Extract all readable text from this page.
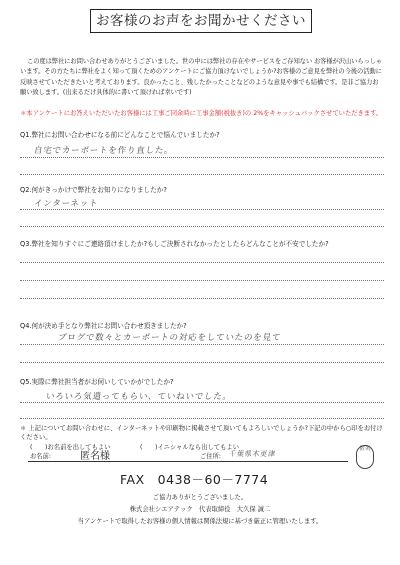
お客様のお声をお聞かせください
この度は弊社にお問い合わせありがとうございました。世の中には弊社の存在やサービスをご存知ない お客様が沢山いらっしゃいます。その方たちに弊社をよく知って頂くためのアンケートにご協力頂けないでしょうか?お客様のご意見を弊社の今後の活動に反映させていただきたいと考えております。良かったこと、残したかったことなどのような意見や事でも結構です。是非ご協力お願い致します。(出来るだけ具体的に書いて頂ければ幸いです)
＊本アンケートにお答えいただいたお客様には工事ご同余時に工事金額(税抜き)の 2%をキャッシュバックさせていただきます。
Q1.弊社にお問い合わせになる前にどんなことで悩んでいましたか?
自宅でカーポートを作り直した。
Q2.何がきっかけで弊社をお知りになりましたか?
インターネット
Q3.弊社を知りすぐにご連絡頂けましたか?もしご決断されなかったとしたらどんなことが不安でしたか?
Q4.何が決め手となり弊社にお問い合わせ頂きましたか?
ブログで数々とカーポートの対応をしていたのを見て
Q5.実際に弊社担当者がお伺いしていかがでしたか?
いろいろ気遣ってもらい、ていねいでした。
＊ 上記についてお問い合わせに、インターネットや印刷物に掲載させて頂いてもよろしいでしょうか?下記の中から○印をお付けください。
(　　)お名前を出してもよい	(　　)イニシャルなら出してもよい
お名前:	匿名様	ご住所: 千葉県木更津
匿名
FAX　0438－60－7774
ご協力ありがとうございました。
株式会社シエアテック　代表取締役　大久保 誠二
当アンケートで取得したお客様の個人情報は関係法規に基づき厳正に管理いたします。
